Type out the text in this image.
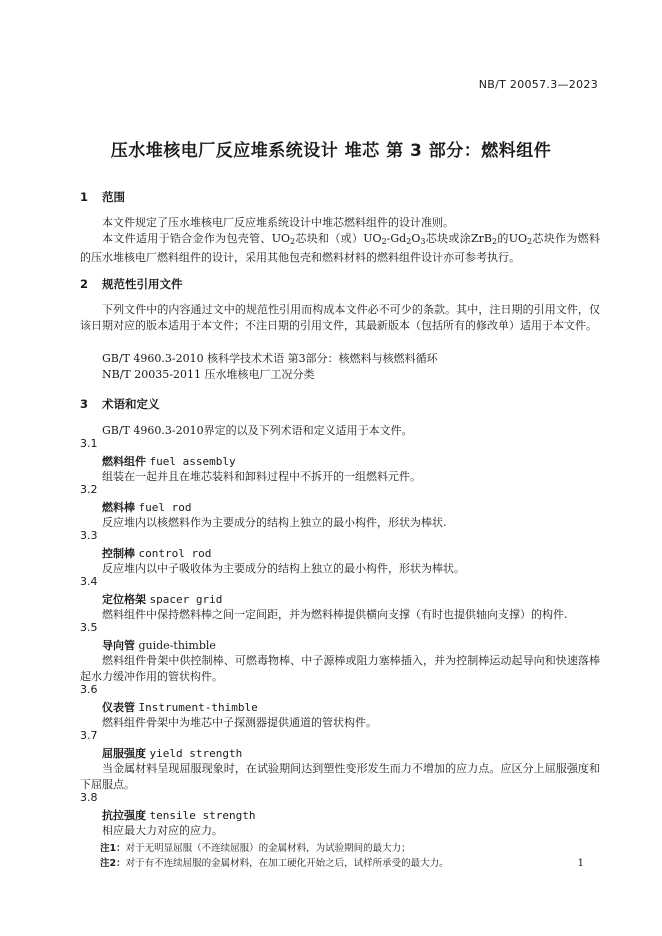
NB/T 20057.3—2023
压水堆核电厂反应堆系统设计 堆芯 第 3 部分：燃料组件
1 范围
本文件规定了压水堆核电厂反应堆系统设计中堆芯燃料组件的设计准则。
本文件适用于锆合金作为包壳管、$UO_2$芯块和（或）$UO_2-Gd_2O_3$芯块或涂ZrB$_2$的$UO_2$芯块作为燃料的压水堆核电厂燃料组件的设计，采用其他包壳和燃料材料的燃料组件设计亦可参考执行。
2 规范性引用文件
下列文件中的内容通过文中的规范性引用而构成本文件必不可少的条款。其中，注日期的引用文件，仅该日期对应的版本适用于本文件；不注日期的引用文件，其最新版本（包括所有的修改单）适用于本文件。
GB/T 4960.3-2010 核科学技术术语 第3部分：核燃料与核燃料循环
NB/T 20035-2011 压水堆核电厂工况分类
3 术语和定义
GB/T 4960.3-2010界定的以及下列术语和定义适用于本文件。
3.1
燃料组件 fuel assembly
组装在一起并且在堆芯装料和卸料过程中不拆开的一组燃料元件。
3.2
燃料棒 fuel rod
反应堆内以核燃料作为主要成分的结构上独立的最小构件，形状为棒状.
3.3
控制棒 control rod
反应堆内以中子吸收体为主要成分的结构上独立的最小构件，形状为棒状。
3.4
定位格架 spacer grid
燃料组件中保持燃料棒之间一定间距，并为燃料棒提供横向支撑（有时也提供轴向支撑）的构件.
3.5
导向管 guide-thimble
燃料组件骨架中供控制棒、可燃毒物棒、中子源棒或阻力塞棒插入，并为控制棒运动起导向和快速落棒起水力缓冲作用的管状构件。
3.6
仪表管 Instrument-thimble
燃料组件骨架中为堆芯中子探测器提供通道的管状构件。
3.7
屈服强度 yield strength
当金属材料呈现屈服现象时，在试验期间达到塑性变形发生而力不增加的应力点。应区分上屈服强度和下屈服点。
3.8
抗拉强度 tensile strength
相应最大力对应的应力。
注1：对于无明显屈服（不连续屈服）的金属材料，为试验期间的最大力；
注2：对于有不连续屈服的金属材料，在加工硬化开始之后，试样所承受的最大力。	1
